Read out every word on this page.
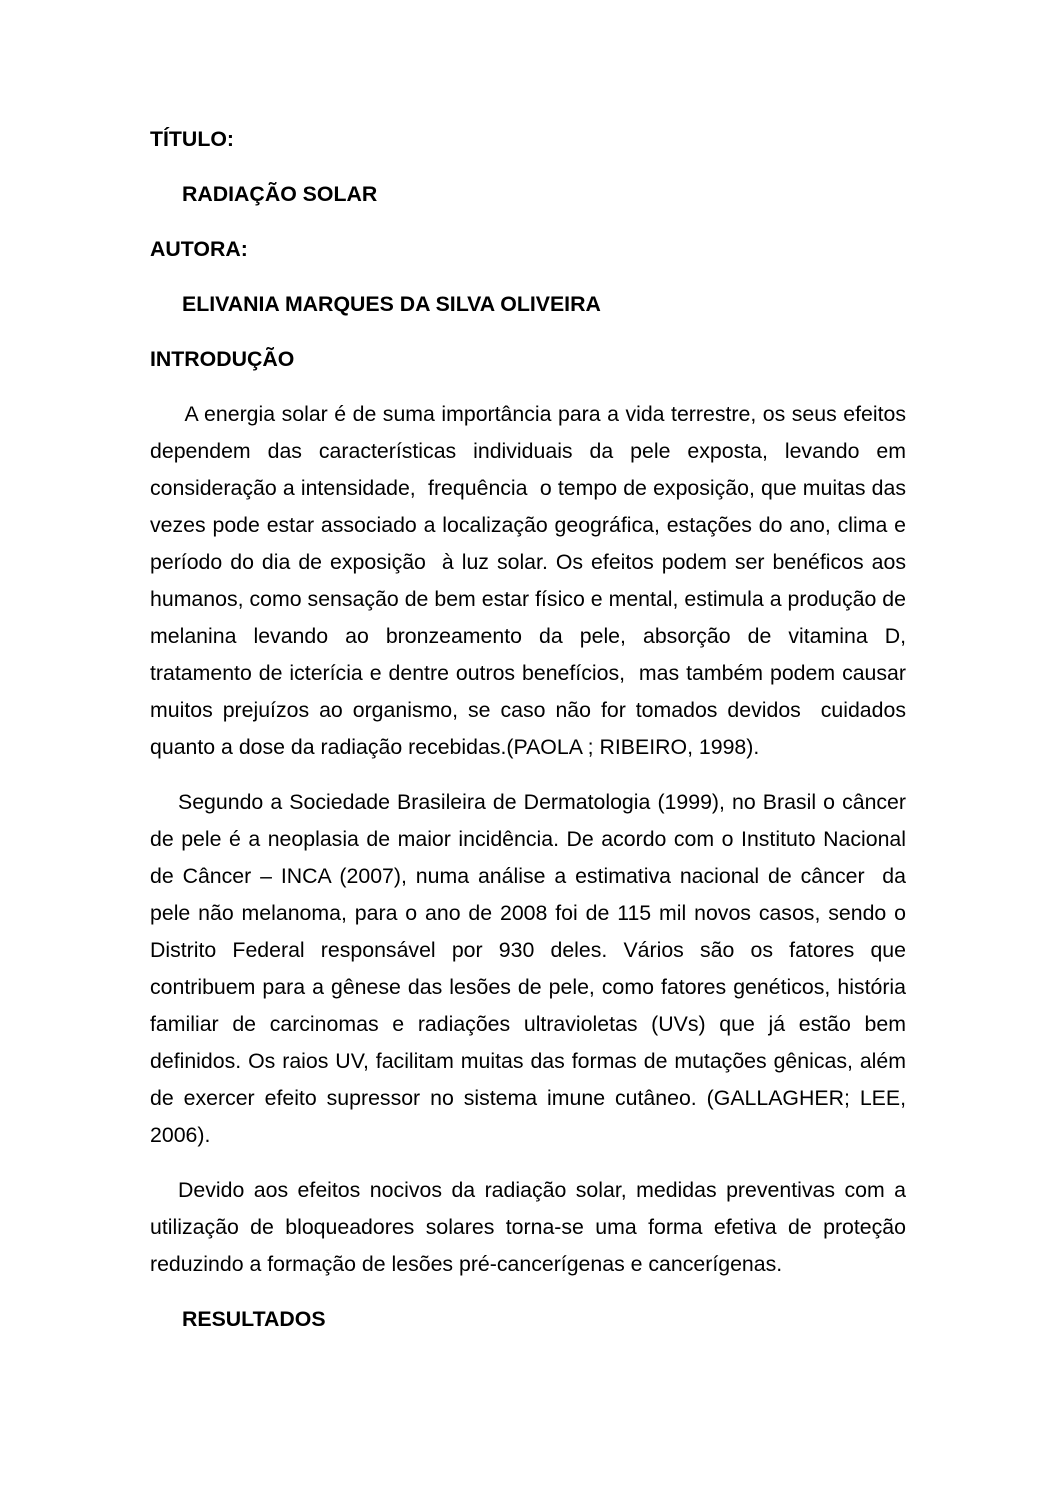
TÍTULO:
RADIAÇÃO SOLAR
AUTORA:
ELIVANIA MARQUES DA SILVA OLIVEIRA
INTRODUÇÃO

A energia solar é de suma importância para a vida terrestre, os seus efeitos dependem das características individuais da pele exposta, levando em consideração a intensidade,  frequência  o tempo de exposição, que muitas das vezes pode estar associado a localização geográfica, estações do ano, clima e período do dia de exposição  à luz solar. Os efeitos podem ser benéficos aos humanos, como sensação de bem estar físico e mental, estimula a produção de melanina levando ao bronzeamento da pele, absorção de vitamina D, tratamento de icterícia e dentre outros benefícios,  mas também podem causar muitos prejuízos ao organismo, se caso não for tomados devidos  cuidados quanto a dose da radiação recebidas.(PAOLA ; RIBEIRO, 1998).

Segundo a Sociedade Brasileira de Dermatologia (1999), no Brasil o câncer de pele é a neoplasia de maior incidência. De acordo com o Instituto Nacional de Câncer – INCA (2007), numa análise a estimativa nacional de câncer  da pele não melanoma, para o ano de 2008 foi de 115 mil novos casos, sendo o Distrito Federal responsável por 930 deles. Vários são os fatores que contribuem para a gênese das lesões de pele, como fatores genéticos, história familiar de carcinomas e radiações ultravioletas (UVs) que já estão bem definidos. Os raios UV, facilitam muitas das formas de mutações gênicas, além de exercer efeito supressor no sistema imune cutâneo. (GALLAGHER; LEE, 2006).

Devido aos efeitos nocivos da radiação solar, medidas preventivas com a utilização de bloqueadores solares torna-se uma forma efetiva de proteção reduzindo a formação de lesões pré-cancerígenas e cancerígenas.

RESULTADOS
